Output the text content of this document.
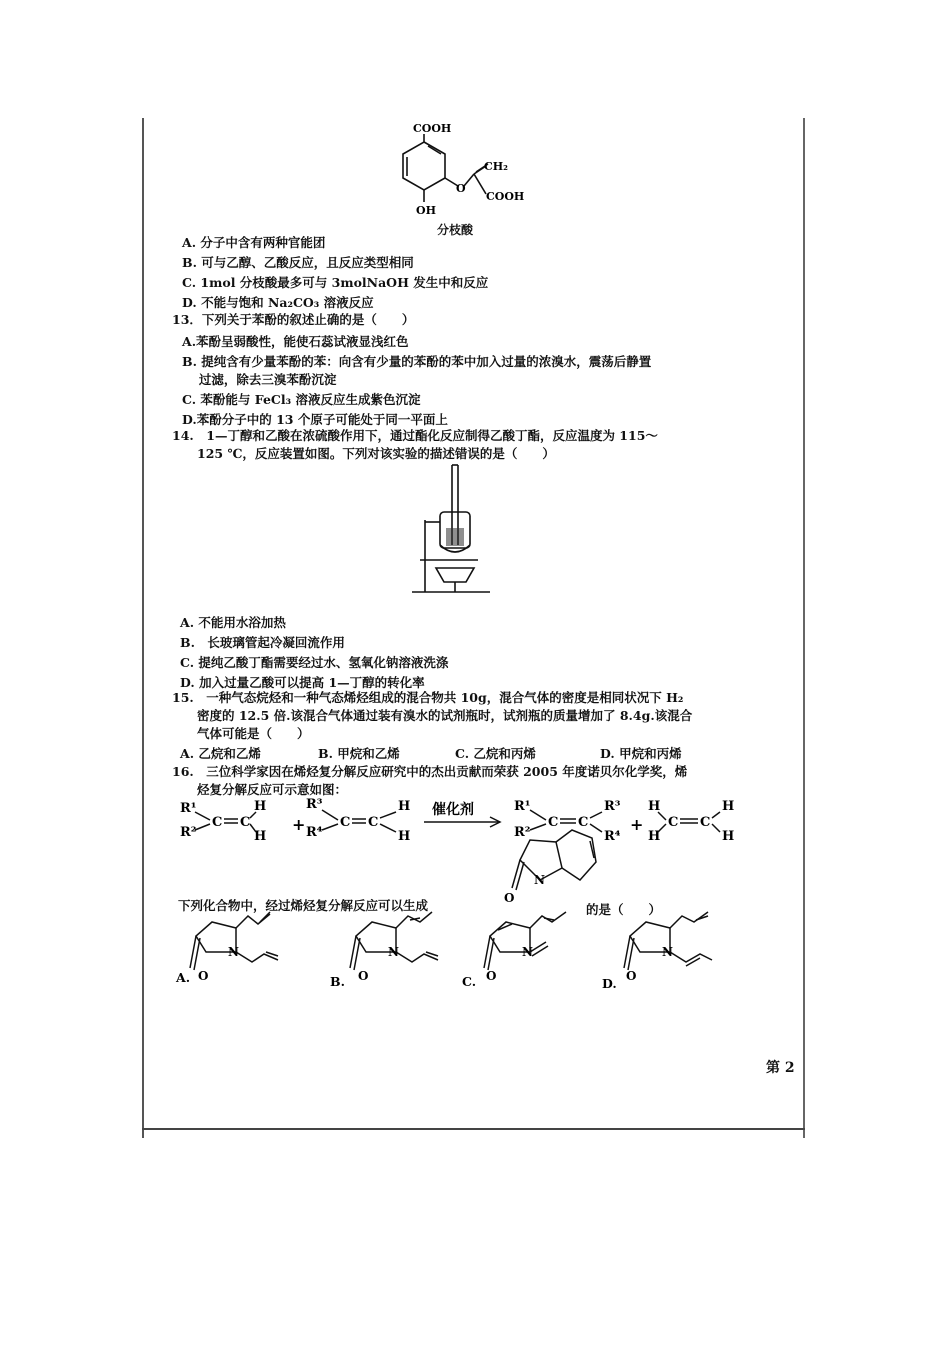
COOH
OH
O
CH₂
COOH
分枝酸
A. 分子中含有两种官能团
B. 可与乙醇、乙酸反应，且反应类型相同
C. 1mol 分枝酸最多可与 3molNaOH 发生中和反应
D. 不能与饱和 Na₂CO₃ 溶液反应
13．下列关于苯酚的叙述止确的是（　　）
A.苯酚呈弱酸性，能使石蕊试液显浅红色
B. 提纯含有少量苯酚的苯：向含有少量的苯酚的苯中加入过量的浓溴水，震荡后静置
　 过滤，除去三溴苯酚沉淀
C. 苯酚能与 FeCl₃ 溶液反应生成紫色沉淀
D.苯酚分子中的 13 个原子可能处于同一平面上
14.　1—丁醇和乙酸在浓硫酸作用下，通过酯化反应制得乙酸丁酯，反应温度为 115～
　　125 ℃，反应装置如图。下列对该实验的描述错误的是（　　）
A. 不能用水浴加热
B.　长玻璃管起冷凝回流作用
C. 提纯乙酸丁酯需要经过水、氢氧化钠溶液洗涤
D. 加入过量乙酸可以提高 1—丁醇的转化率
15.　一种气态烷烃和一种气态烯烃组成的混合物共 10g，混合气体的密度是相同状况下 H₂
　　密度的 12.5 倍.该混合气体通过装有溴水的试剂瓶时，试剂瓶的质量增加了 8.4g.该混合
　　气体可能是（　　）
A. 乙烷和乙烯	B. 甲烷和乙烯	C. 乙烷和丙烯	D. 甲烷和丙烯
16.　三位科学家因在烯烃复分解反应研究中的杰出贡献而荣获 2005 年度诺贝尔化学奖，烯
　　烃复分解反应可示意如图：
R¹
R²
C C
H
H
+
R³
R⁴
C C
H
H
催化剂	R¹
R²
C C
R³
R⁴
+
H
H
C C
H
H
N
O
下列化合物中，经过烯烃复分解反应可以生成	的是（　　）
N
O
N
O
N
O
N
O
A.	B.	C.	D.
第 2
